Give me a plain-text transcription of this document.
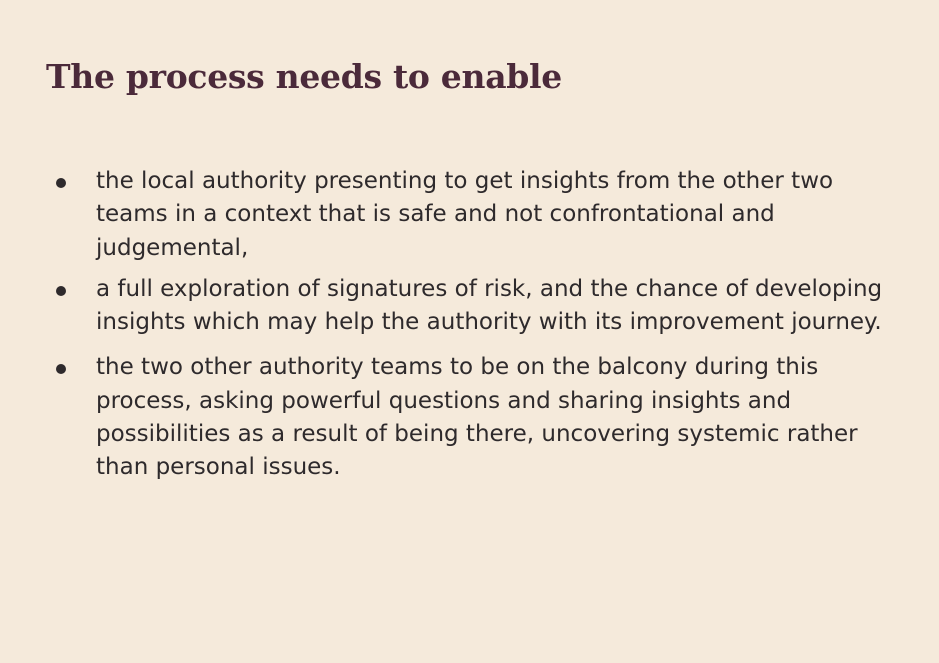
The process needs to enable
the local authority presenting to get insights from the other two teams in a context that is safe and not confrontational and judgemental,
a full exploration of signatures of risk, and the chance of developing insights which may help the authority with its improvement journey.
the two other authority teams to be on the balcony during this process, asking powerful questions and sharing insights and possibilities as a result of being there, uncovering systemic rather than personal issues.
